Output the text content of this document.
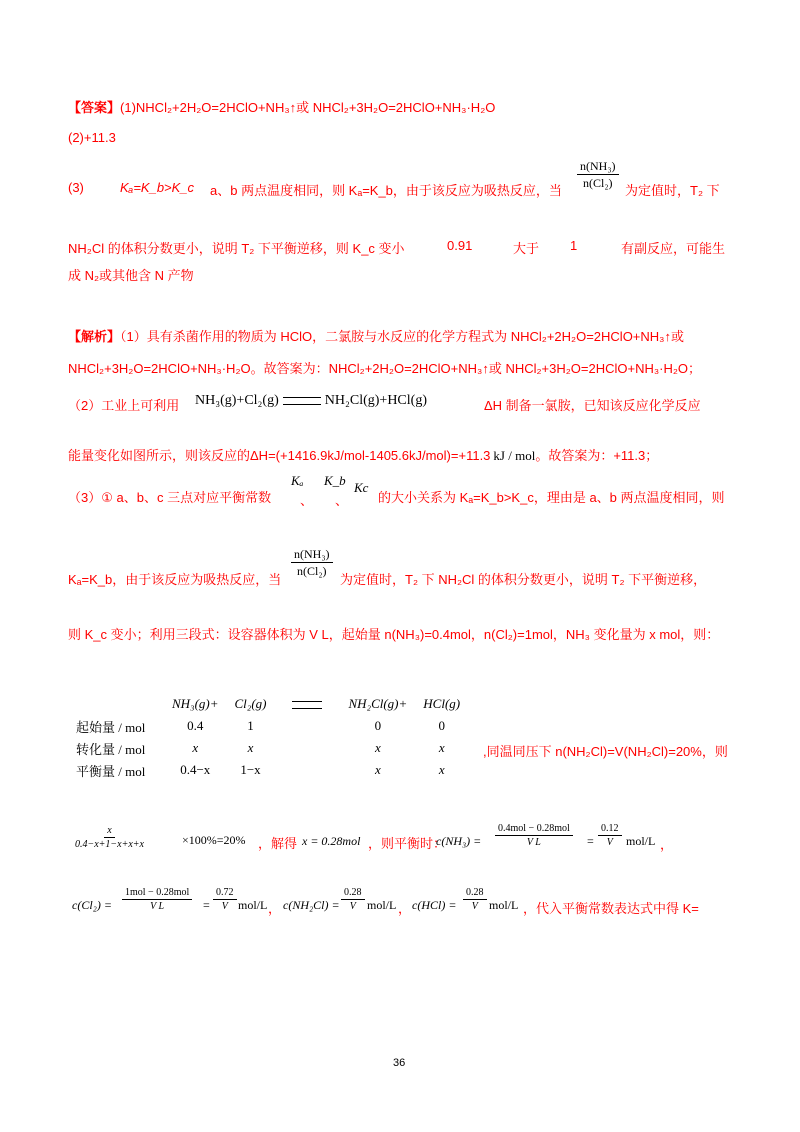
【答案】(1)NHCl₂+2H₂O=2HClO+NH₃↑或 NHCl₂+3H₂O=2HClO+NH₃·H₂O
(2)+11.3
(3)	Kₐ=K_b>K_c a、b 两点温度相同，则 Kₐ=K_b，由于该反应为吸热反应，当 $\frac{\text{n(NH₃)}}{\text{n(Cl₂)}}$ 为定值时，T₂ 下
NH₂Cl 的体积分数更小，说明 T₂ 下平衡逆移，则 K_c 变小	0.91	大于 1	有副反应，可能生
成 N₂或其他含 N 产物
【解析】（1）具有杀菌作用的物质为 HClO，二氯胺与水反应的化学方程式为 NHCl₂+2H₂O=2HClO+NH₃↑或
NHCl₂+3H₂O=2HClO+NH₃·H₂O。故答案为：NHCl₂+2H₂O=2HClO+NH₃↑或 NHCl₂+3H₂O=2HClO+NH₃·H₂O；
（2）工业上可利用 NH₃(g)+Cl₂(g)	NH₂Cl(g)+HCl(g)	ΔH 制备一氯胺，已知该反应化学反应
能量变化如图所示，则该反应的ΔH=(+1416.9kJ/mol-1405.6kJ/mol)=+11.3 kJ / mol。故答案为：+11.3；
（3）① a、b、c 三点对应平衡常数
Kₐ
、
K_b
、
Kc
的大小关系为 Kₐ=K_b>K_c，理由是 a、b 两点温度相同，则
$\frac{\text{n(NH₃)}}{\text{n(Cl₂)}}$
Kₐ=K_b，由于该反应为吸热反应，当	为定值时，T₂ 下 NH₂Cl 的体积分数更小，说明 T₂ 下平衡逆移，
则 K_c 变小；利用三段式：设容器体积为 V L，起始量 n(NH₃)=0.4mol，n(Cl₂)=1mol，NH₃ 变化量为 x mol，则：
	NH₃(g)+	Cl₂(g)		NH₂Cl(g)+	HCl(g)
起始量 / mol	0.4	1		0	0
转化量 / mol	x	x		x	x
平衡量 / mol	0.4−x	1−x		x	x
,同温同压下 n(NH₂Cl)=V(NH₂Cl)=20%，则
$\frac{x}{0.4-x+1-x+x+x}$	×100%=20% ，解得 x = 0.28mol ，则平衡时：
$c(NH_3) = \frac{\text{0.4mol − 0.28mol}}{\text{V L}} = \frac{0.12}{V} mol/L$ ，
$c(Cl_2) = \frac{\text{1mol − 0.28mol}}{\text{V L}} = \frac{0.72}{V} mol/L$ ， $c(NH_2Cl) = \frac{0.28}{V} mol/L$ ， $c(HCl) = \frac{0.28}{V} mol/L$ ，代入平衡常数表达式中得 K=
36
